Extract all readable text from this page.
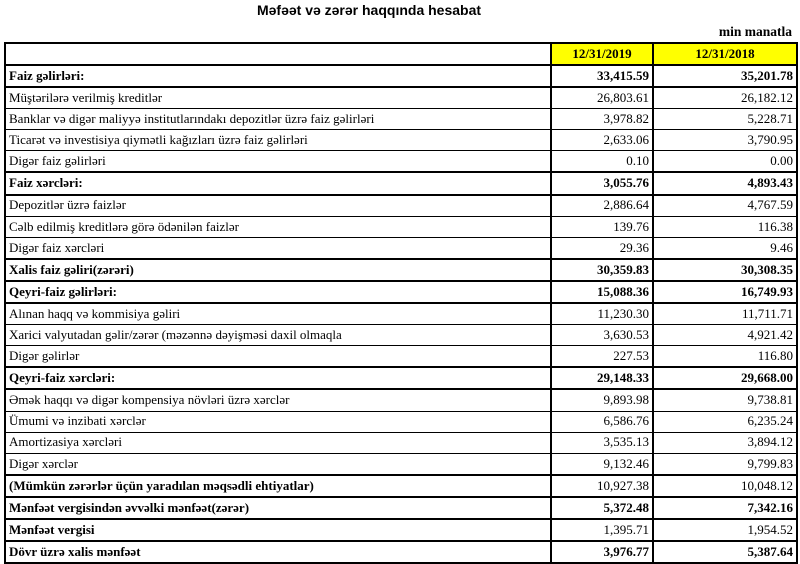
Məfəət və zərər haqqında hesabat
min manatla
	12/31/2019	12/31/2018
Faiz gəlirləri:	33,415.59	35,201.78
Müştərilərə verilmiş kreditlər	26,803.61	26,182.12
Banklar və digər maliyyə institutlarındakı depozitlər üzrə faiz gəlirləri	3,978.82	5,228.71
Ticarət və investisiya qiymətli kağızları üzrə faiz gəlirləri	2,633.06	3,790.95
Digər faiz gəlirləri	0.10	0.00
Faiz xərcləri:	3,055.76	4,893.43
Depozitlər üzrə faizlər	2,886.64	4,767.59
Cəlb edilmiş kreditlərə görə ödənilən faizlər	139.76	116.38
Digər faiz xərcləri	29.36	9.46
Xalis faiz gəliri(zərəri)	30,359.83	30,308.35
Qeyri-faiz gəlirləri:	15,088.36	16,749.93
Alınan haqq və kommisiya gəliri	11,230.30	11,711.71
Xarici valyutadan gəlir/zərər (məzənnə dəyişməsi daxil olmaqla	3,630.53	4,921.42
Digər gəlirlər	227.53	116.80
Qeyri-faiz xərcləri:	29,148.33	29,668.00
Əmək haqqı və digər kompensiya növləri üzrə xərclər	9,893.98	9,738.81
Ümumi və inzibati xərclər	6,586.76	6,235.24
Amortizasiya xərcləri	3,535.13	3,894.12
Digər xərclər	9,132.46	9,799.83
(Mümkün zərərlər üçün yaradılan məqsədli ehtiyatlar)	10,927.38	10,048.12
Mənfəət vergisindən əvvəlki mənfəət(zərər)	5,372.48	7,342.16
Mənfəət vergisi	1,395.71	1,954.52
Dövr üzrə xalis mənfəət	3,976.77	5,387.64
